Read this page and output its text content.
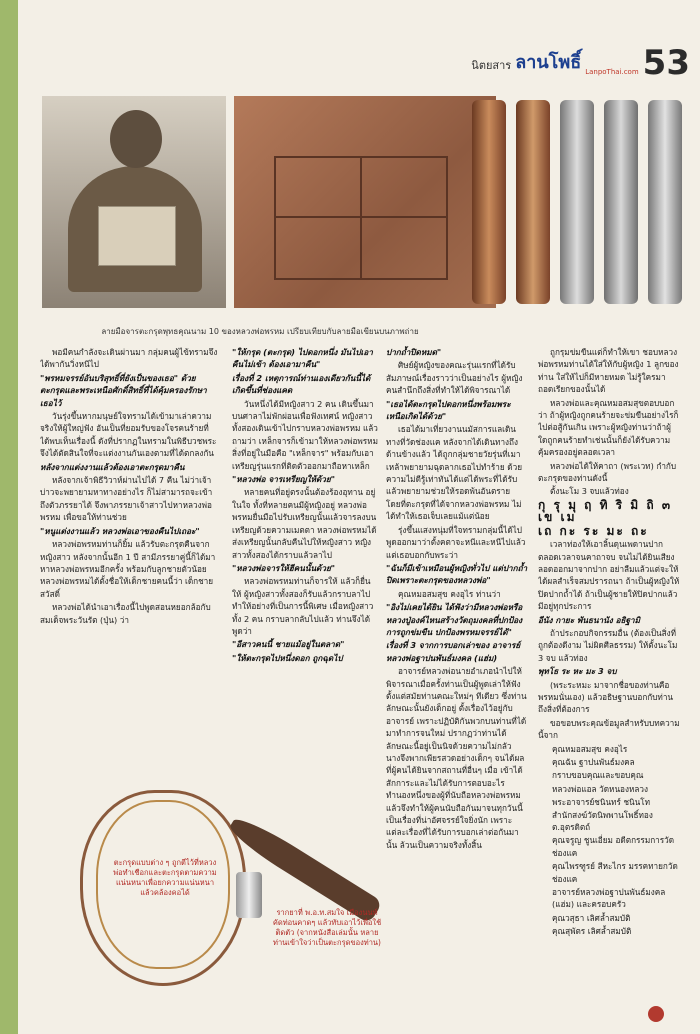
นิตยสาร ลานโพธิ์ LanpoThai.com 53
ลายมือจารตะกรุดพุทธคุณนาม 10 ของหลวงพ่อพรหม เปรียบเทียบกับลายมือเขียนบนภาพถ่าย

พอมีคนกำลังจะเดินผ่านมา กลุ่มคนผู้ไข้ทรามจึงได้พากันวิ่งหนีไป

"พรหมจรรย์อันบริสุทธิ์ที่ยังเป็นของเธอ" ด้วยตะกรุดและพระเหนือศักดิ์สิทธิ์ที่ได้คุ้มครองรักษาเธอไว้

วันรุ่งขึ้นหากมนุษย์ใจทรามได้เข้ามาเล่าความจริงให้ผู้ใหญ่ฟัง อันเป็นที่ยอมรับของโจรคนร้ายที่ได้พบเห็นเรื่องนี้ ดังที่ปรากฏในทรามในพิธีบวชพระ จึงได้ตัดสินใจที่จะแต่งงานกันเองตามที่ได้ตกลงกัน

หลังจากแต่งงานแล้วต้องเอาตะกรุดมาคืน

หลังจากเจ้าพิธีวิวาห์ผ่านไปได้ 7 คืน ไม่ว่าเจ้าบ่าวจะพยายามหาทางอย่างไร ก็ไม่สามารถจะเข้าถึงตัวภรรยาได้ จึงพาภรรยาเจ้าสาวไปหาหลวงพ่อพรหม เพื่อขอให้ท่านช่วย

"หนูแต่งงานแล้ว หลวงพ่อเอาของคืนไปเถอะ"

หลวงพ่อพรหมท่านก็ยิ้ม แล้วรับตะกรุดคืนจากหญิงสาว หลังจากนั้นอีก 1 ปี สามีภรรยาคู่นี้ก็ได้มาหาหลวงพ่อพรหมอีกครั้ง พร้อมกับลูกชายตัวน้อย หลวงพ่อพรหมได้ตั้งชื่อให้เด็กชายคนนี้ว่า เด็กชายสวัสดิ์

หลวงพ่อได้นำเอาเรื่องนี้ไปพูดสอนหยอกล้อกับสมเด็จพระวันรัต (ปุ่น) ว่า

"ให้กรุด (ตะกรุด) ไปดอกหนึ่ง มันไปเอาคืนไม่เข้า ต้องเอามาคืน"

เรื่องที่ 2 เหตุการณ์ท่านเองเดียวกันนี้ได้เกิดขึ้นที่ช่องแคด

วันหนึ่งได้มีหญิงสาว 2 คน เดินขึ้นมาบนศาลาไม่พักผ่อนเพื่อฟังเทศน์ หญิงสาวทั้งสองเดินเข้าไปกราบหลวงพ่อพรหม แล้วถามว่า เหล็กจารก็เข้ามาให้หลวงพ่อพรหม สิ่งที่อยู่ในมือคือ "เหล็กจาร" พร้อมกับเอาเหรียญรุ่นแรกที่ติดตัวออกมาถือหาเหล็ก

"หลวงพ่อ จารเหรียญให้ด้วย"

หลายคนที่อยู่ตรงนั้นต้องร้องอุทาน อยู่ในใจ ทั้งที่หลายคนมีผู้หญิงอยู่ หลวงพ่อพรหมยื่นมือไปรับเหรียญนั้นแล้วจารลงบนเหรียญด้วยความเมตตา หลวงพ่อพรหมได้ส่งเหรียญนั้นกลับคืนไปให้หญิงสาว หญิงสาวทั้งสองได้กราบแล้วลาไป

"หลวงพ่อจารให้ฮีคนนั้นด้วย"

หลวงพ่อพรหมท่านก็จารให้ แล้วก็ยื่นให้ ผู้หญิงสาวทั้งสองก็รับแล้วกราบลาไป ทำให้อย่างที่เป็นการนี้พิเศษ เมื่อหญิงสาวทั้ง 2 คน กราบลากลับไปแล้ว ท่านจึงได้พูดว่า

"อีสาวคนนี้ ชายแม้อยู่ในตลาด"

"ให้ตะกรุดไปหนึ่งดอก ถูกฉุดไป

ปากถ้ำปิดหมด"

ศิษย์ผู้หญิงของคณะรุ่นแรกที่ได้รับสัมภาษณ์เรื่องราวว่าเป็นอย่างไร ผู้หญิงคนสำนึกถึงสิ่งที่ทำให้ได้พิจารณาได้

"เธอได้ตะกรุดไปดอกหนึ่งพร้อมพระเหนือเกิดได้ด้วย"

เธอได้มาเที่ยวงานนมัสการแลเดินทางที่วัดช่องแค หลังจากได้เดินทางถึงด้านข้างแล้ว ได้ถูกกลุ่มชายวัยรุ่นที่เมาเหล้าพยายามฉุดลากเธอไปทำร้าย ด้วยความไม่ดีรู้เท่าทันได้แต่ได้พระที่ได้รับแล้วพยายามช่วยให้รอดพ้นอันตราย โดยที่ตะกรุดที่ได้จากหลวงพ่อพรหม ไม่ได้ทำให้เธอเจ็บเลยแม้แต่น้อย

รุ่งขึ้นแสงหนุ่มที่ใจทรามกลุ่มนี้ได้ไปพูดออกมาว่าตั้งคตาจะหนีและหนีไปแล้ว แต่เธอบอกกับพระว่า

"ฉันก็มีเข้าเหมือนผู้หญิงทั่วไป แต่ปากถ้ำปิดเพราะตะกรุดของหลวงพ่อ"

คุณหมอสมสุข คงอุไร ท่านว่า

"อิงไม่เคยได้ยิน ได้ฟังว่ามีหลวงพ่อหรือหลวงปู่องค์ไหนสร้างวัตถุมงคลที่ปกป้องการถูกข่มขืน ปกป้องพรหมจรรย์ได้"

เรื่องที่ 3 จากการบอกเล่าของ อาจารย์หลวงพ่อฐาปนพันธ์มงคล (แฮ่ม)

อาจารย์หลวงพ่อนายอำเภอนำไปให้พิจารณาเมื่อครั้งท่านเป็นผู้พูดเล่าให้ฟัง ตั้งแต่สมัยท่านคณะใหม่ๆ ทีเดียว ซึ่งท่านลักษณะนั้นยังเด็กอยู่ ตั้งเรื่องไว้อยู่กับอาจารย์ เพราะปฏิบัติกันพวกบนท่านที่ได้มาทำการจนใหม่ ปรากฏว่าท่านได้ลักษณะนี้อยู่เป็นนิจด้วยความไม่กลัว นางจึงพากเพียรสวดอย่างเด็กๆ จนได้ผลที่ผู้คนได้ยินจากสถานที่อื่นๆ เมื่อ เข้าได้สักการะและไม่ได้รับการตอบอะไร ทำนองหนึ่งของผู้ที่นับถือหลวงพ่อพรหมแล้วจึงทำให้ผู้คนนับถือกันมาจนทุกวันนี้ เป็นเรื่องที่น่าอัศจรรย์ใจยิ่งนัก เพราะแต่ละเรื่องที่ได้รับการบอกเล่าต่อกันมานั้น ล้วนเป็นความจริงทั้งสิ้น

ถูกรุมข่มขืนแต่ก็ทำให้เขา ชอบหลวงพ่อพรหมท่านได้ใส่ให้กับผู้หญิง 1 ลูกของท่าน ใส่ให้ไปก็มีหายหมด ไม่รู้ใครมาถอดเรียกของนั้นได้

หลวงพ่อและคุณหมอสมสุขตอบบอกว่า ถ้าผู้หญิงถูกคนร้ายจะข่มขืนอย่างไรก็ไปต่อสู้กันเกิน เพราะผู้หญิงท่านว่าถ้าผู้ใดถูกคนร้ายทำเช่นนั้นก็ยังได้รับความคุ้มครองอยู่ตลอดเวลา

หลวงพ่อได้ให้คาถา (พระเวท) กำกับตะกรุดของท่านดังนี้

ตั้งนะโม 3 จบแล้วท่อง

กุ รุ มุ ฤ ทิ ริ มิ ถิ ๓ เข เม

เถ กะ ระ มะ ถะ

เวลาท่องให้เอาลิ้นดุนเพดานปากตลอดเวลาจนคาถาจบ จนไม่ได้ยินเสียงลอดออกมาจากปาก อย่าลืมแล้วแต่จะให้ได้ผลสำเร็จสมปรารถนา ถ้าเป็นผู้หญิงให้ปิดปากถ้ำได้ ถ้าเป็นผู้ชายให้ปิดปากแล้วมีอยู่ทุกประการ

อีนัง กายะ พันธนานัง อธิฐามิ

ถ้าประกอบกิจกรรมอื่น (ต้องเป็นสิ่งที่ถูกต้องดีงาม ไม่ผิดศีลธรรม) ให้ตั้งนะโม 3 จบ แล้วท่อง

พุทโธ ระ หะ มะ 3 จบ

(พระระหมะ มาจากชื่อของท่านคือพรหมนั่นเอง) แล้วอธิษฐานบอกกับท่านถึงสิ่งที่ต้องการ

ขอขอบพระคุณข้อมูลสำหรับบทความนี้จาก

คุณหมอสมสุข คงอุไร

คุณฉัน ฐาปนพันธ์มงคล

กราบขอบคุณและขอบคุณ

หลวงพ่อแอล วัดหนองหลวง

พระอาจารย์ชนินทร์ ชนินโท สำนักสงฆ์วัดนิพพานโพธิ์ทอง ต.อุตรดิตถ์

คุณจรูญ ชูนเอี่ยม อดีตกรรมการวัดช่องแค

คุณไพรฑูรย์ สีหะไกร มรรคทายกวัดช่องแค

อาจารย์หลวงพ่อฐาปนพันธ์มงคล (แฮ่ม) และครอบครัว

คุณวสุธา เลิศล้ำสมบัติ

คุณสุพัตร เลิศล้ำสมบัติ

ตะกรุดแบบต่าง ๆ ถูกตีไว้ที่หลวงพ่อทำเชือกและตะกรุดตามความแน่นหนาเพื่อยกความแน่นหนาแล้วคล้องคอได้
รากยาที่ พ.อ.ท.สมใจ เมืองนนท์ คัดท่อนคาดๆ แล้วทับเอาไว้เพื่อใช้ติดตัว (จากหนังสือเล่มนั้น หลายท่านเข้าใจว่าเป็นตะกรุดของท่าน)
